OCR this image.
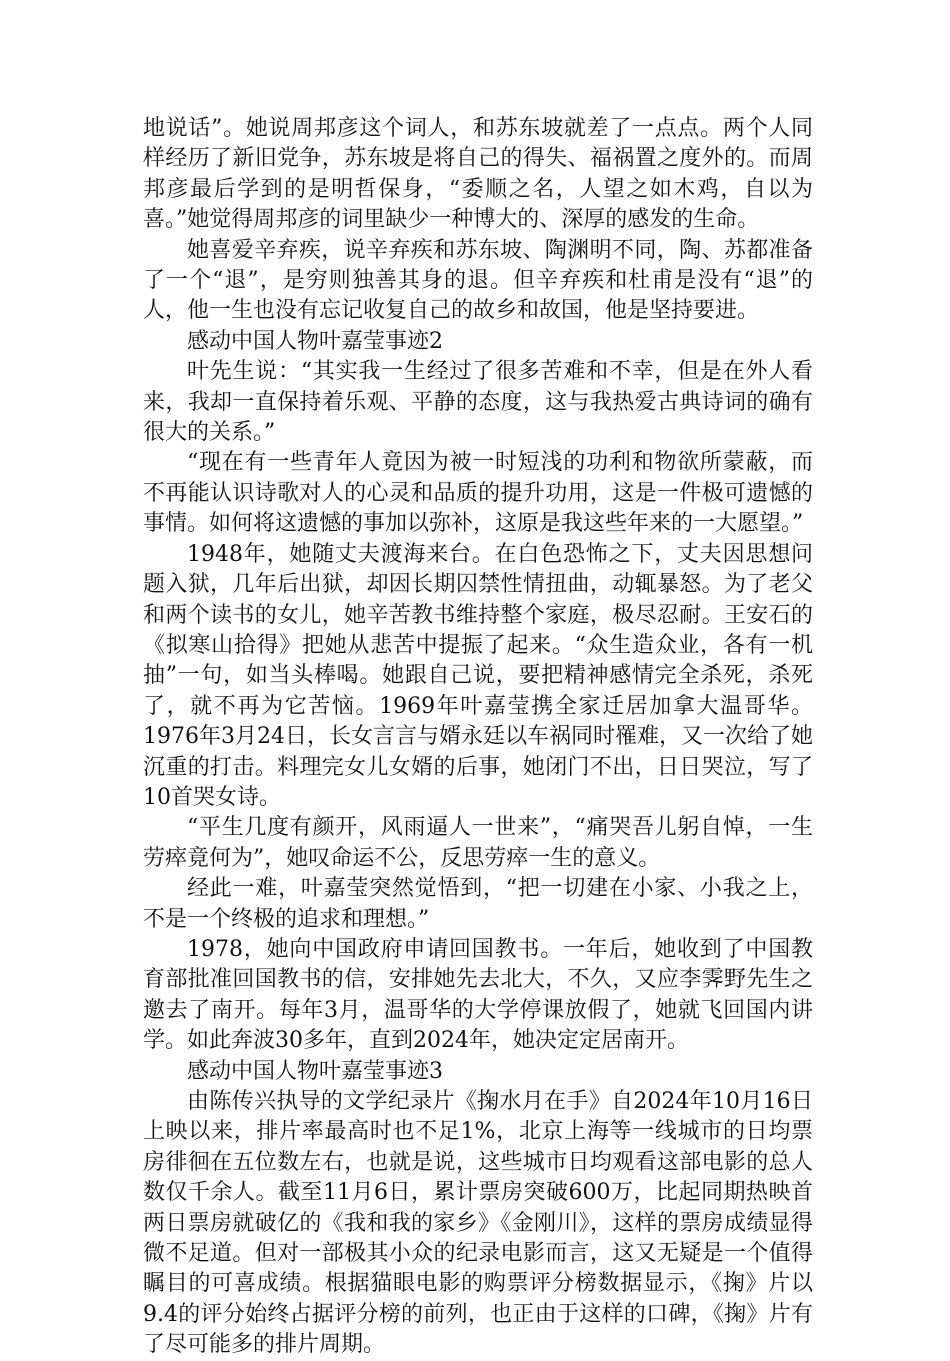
地说话”。她说周邦彦这个词人，和苏东坡就差了一点点。两个人同样经历了新旧党争，苏东坡是将自己的得失、福祸置之度外的。而周邦彦最后学到的是明哲保身，“委顺之名，人望之如木鸡，自以为喜。”她觉得周邦彦的词里缺少一种博大的、深厚的感发的生命。

她喜爱辛弃疾，说辛弃疾和苏东坡、陶渊明不同，陶、苏都准备了一个“退”，是穷则独善其身的退。但辛弃疾和杜甫是没有“退”的人，他一生也没有忘记收复自己的故乡和故国，他是坚持要进。

感动中国人物叶嘉莹事迹2

叶先生说：“其实我一生经过了很多苦难和不幸，但是在外人看来，我却一直保持着乐观、平静的态度，这与我热爱古典诗词的确有很大的关系。”

“现在有一些青年人竟因为被一时短浅的功利和物欲所蒙蔽，而不再能认识诗歌对人的心灵和品质的提升功用，这是一件极可遗憾的事情。如何将这遗憾的事加以弥补，这原是我这些年来的一大愿望。”

1948年，她随丈夫渡海来台。在白色恐怖之下，丈夫因思想问题入狱，几年后出狱，却因长期囚禁性情扭曲，动辄暴怒。为了老父和两个读书的女儿，她辛苦教书维持整个家庭，极尽忍耐。王安石的《拟寒山拾得》把她从悲苦中提振了起来。“众生造众业，各有一机抽”一句，如当头棒喝。她跟自己说，要把精神感情完全杀死，杀死了，就不再为它苦恼。1969年叶嘉莹携全家迁居加拿大温哥华。1976年3月24日，长女言言与婿永廷以车祸同时罹难，又一次给了她沉重的打击。料理完女儿女婿的后事，她闭门不出，日日哭泣，写了10首哭女诗。

“平生几度有颜开，风雨逼人一世来”，“痛哭吾儿躬自悼，一生劳瘁竟何为”，她叹命运不公，反思劳瘁一生的意义。

经此一难，叶嘉莹突然觉悟到，“把一切建在小家、小我之上，不是一个终极的追求和理想。”

1978，她向中国政府申请回国教书。一年后，她收到了中国教育部批准回国教书的信，安排她先去北大，不久，又应李霁野先生之邀去了南开。每年3月，温哥华的大学停课放假了，她就飞回国内讲学。如此奔波30多年，直到2024年，她决定定居南开。

感动中国人物叶嘉莹事迹3

由陈传兴执导的文学纪录片《掬水月在手》自2024年10月16日上映以来，排片率最高时也不足1%，北京上海等一线城市的日均票房徘徊在五位数左右，也就是说，这些城市日均观看这部电影的总人数仅千余人。截至11月6日，累计票房突破600万，比起同期热映首两日票房就破亿的《我和我的家乡》《金刚川》，这样的票房成绩显得微不足道。但对一部极其小众的纪录电影而言，这又无疑是一个值得瞩目的可喜成绩。根据猫眼电影的购票评分榜数据显示，《掬》片以9.4的评分始终占据评分榜的前列，也正由于这样的口碑，《掬》片有了尽可能多的排片周期。
